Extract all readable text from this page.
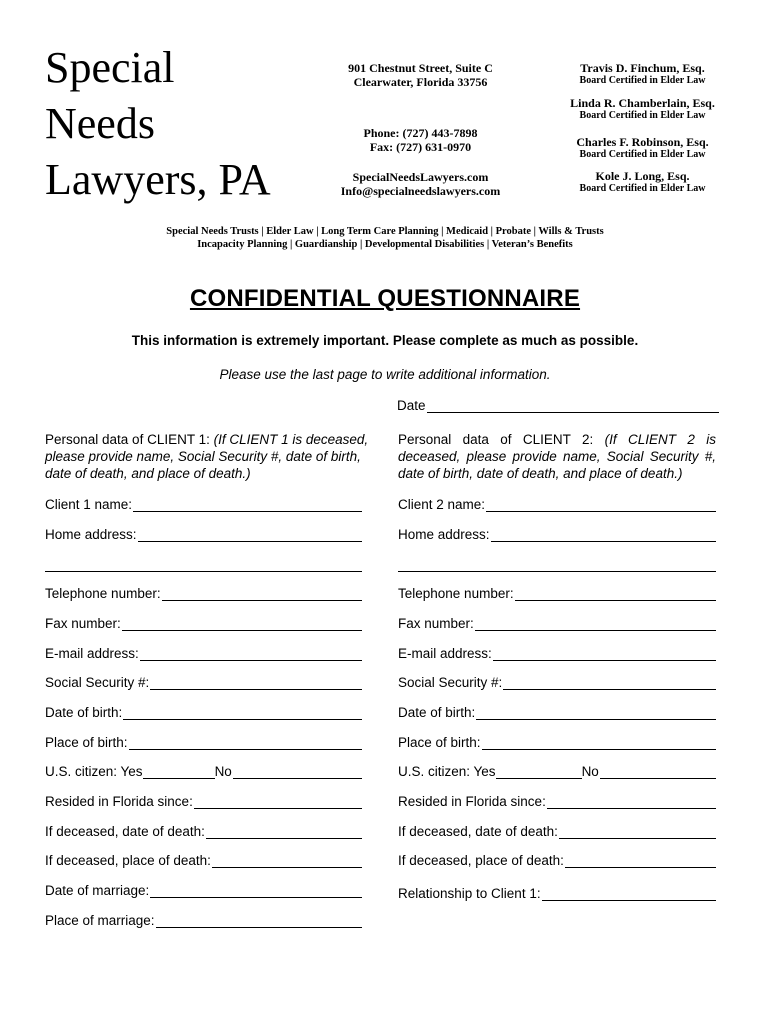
Special
Needs
Lawyers, PA
901 Chestnut Street, Suite C
Clearwater, Florida 33756
Phone: (727) 443-7898
Fax: (727) 631-0970
SpecialNeedsLawyers.com
Info@specialneedslawyers.com
Travis D. Finchum, Esq.
Board Certified in Elder Law
Linda R. Chamberlain, Esq.
Board Certified in Elder Law
Charles F. Robinson, Esq.
Board Certified in Elder Law
Kole J. Long, Esq.
Board Certified in Elder Law
Special Needs Trusts | Elder Law | Long Term Care Planning | Medicaid | Probate | Wills & Trusts
Incapacity Planning | Guardianship | Developmental Disabilities | Veteran’s Benefits
CONFIDENTIAL QUESTIONNAIRE
This information is extremely important. Please complete as much as possible.
Please use the last page to write additional information.
Date
Personal data of CLIENT 1: (If CLIENT 1 is deceased, please provide name, Social Security #, date of birth, date of death, and place of death.)
Personal data of CLIENT 2: (If CLIENT 2 is deceased, please provide name, Social Security #, date of birth, date of death, and place of death.)
Client 1 name:
Home address:
Telephone number:
Fax number:
E-mail address:
Social Security #:
Date of birth:
Place of birth:
U.S. citizen: Yes	No
Resided in Florida since:
If deceased, date of death:
If deceased, place of death:
Date of marriage:
Place of marriage:
Client 2 name:
Home address:
Telephone number:
Fax number:
E-mail address:
Social Security #:
Date of birth:
Place of birth:
U.S. citizen: Yes	No
Resided in Florida since:
If deceased, date of death:
If deceased, place of death:
Relationship to Client 1:
